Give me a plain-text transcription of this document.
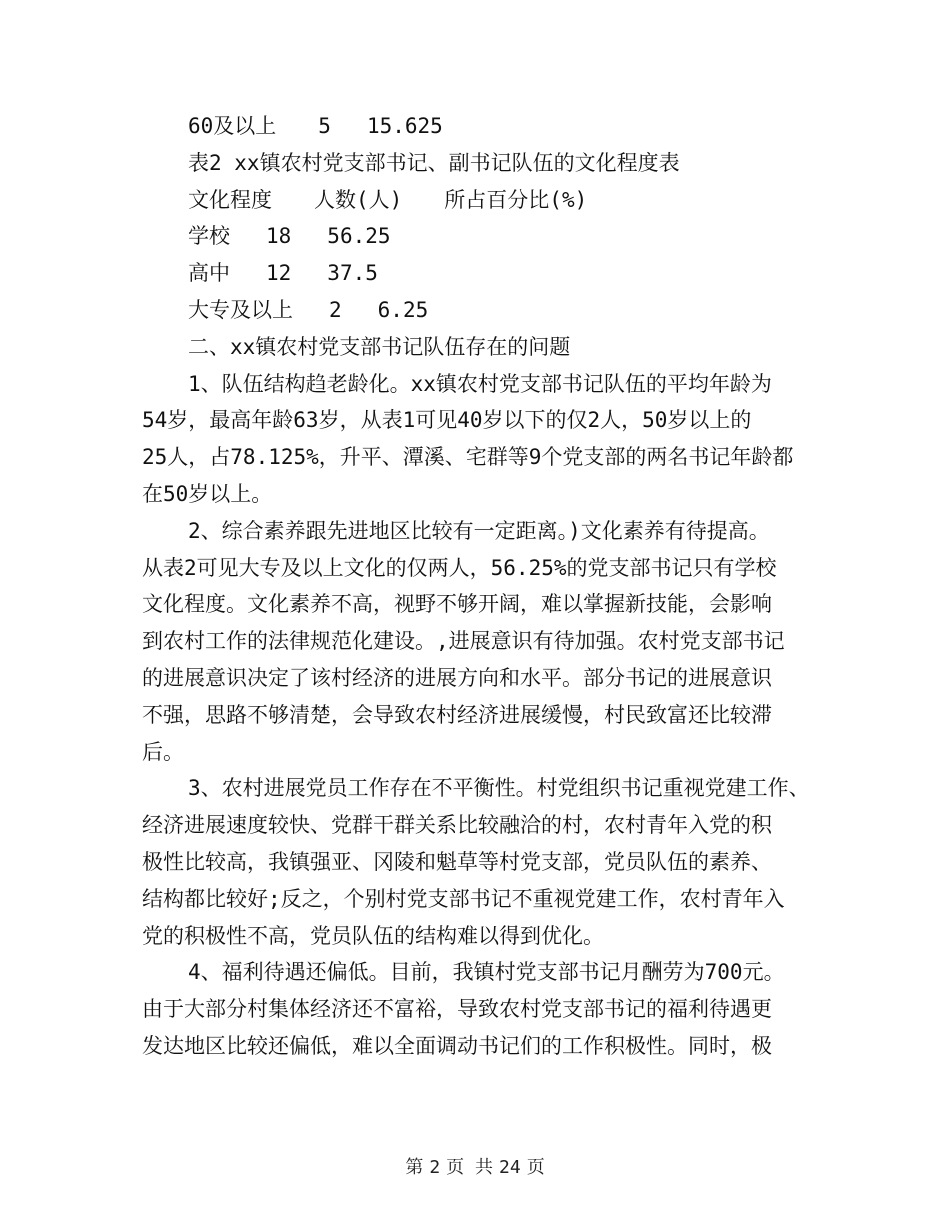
60及以上 5 15.625
表2 xx镇农村党支部书记、副书记队伍的文化程度表
文化程度 人数(人) 所占百分比(%)
学校 18 56.25
高中 12 37.5
大专及以上 2 6.25
二、xx镇农村党支部书记队伍存在的问题
1、队伍结构趋老龄化。xx镇农村党支部书记队伍的平均年龄为
54岁，最高年龄63岁，从表1可见40岁以下的仅2人，50岁以上的
25人，占78.125%，升平、潭溪、宅群等9个党支部的两名书记年龄都
在50岁以上。
2、综合素养跟先进地区比较有一定距离。)文化素养有待提高。
从表2可见大专及以上文化的仅两人，56.25%的党支部书记只有学校
文化程度。文化素养不高，视野不够开阔，难以掌握新技能，会影响
到农村工作的法律规范化建设。,进展意识有待加强。农村党支部书记
的进展意识决定了该村经济的进展方向和水平。部分书记的进展意识
不强，思路不够清楚，会导致农村经济进展缓慢，村民致富还比较滞
后。
3、农村进展党员工作存在不平衡性。村党组织书记重视党建工作、
经济进展速度较快、党群干群关系比较融洽的村，农村青年入党的积
极性比较高，我镇强亚、冈陵和魁草等村党支部，党员队伍的素养、
结构都比较好;反之，个别村党支部书记不重视党建工作，农村青年入
党的积极性不高，党员队伍的结构难以得到优化。
4、福利待遇还偏低。目前，我镇村党支部书记月酬劳为700元。
由于大部分村集体经济还不富裕，导致农村党支部书记的福利待遇更
发达地区比较还偏低，难以全面调动书记们的工作积极性。同时，极
第 2 页 共 24 页
